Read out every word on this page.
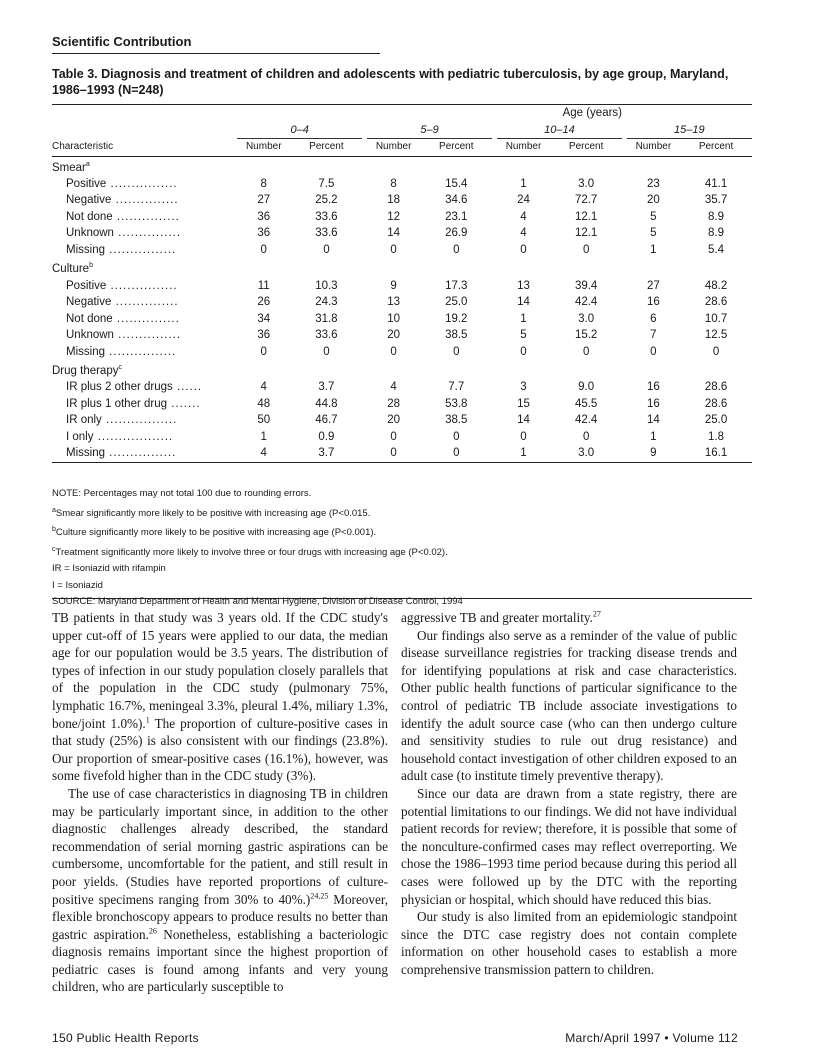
Scientific Contribution
Table 3. Diagnosis and treatment of children and adolescents with pediatric tuberculosis, by age group, Maryland, 1986–1993 (N=248)
Age (years)											
	0–4			5–9			10–14			15–19	
Characteristic	Number	Percent		Number	Percent		Number	Percent		Number	Percent
Smear$^a$
Positive ................	8	7.5		8	15.4		1	3.0		23	41.1
Negative ...............	27	25.2		18	34.6		24	72.7		20	35.7
Not done ...............	36	33.6		12	23.1		4	12.1		5	8.9
Unknown ...............	36	33.6		14	26.9		4	12.1		5	8.9
Missing ................	0	0		0	0		0	0		1	5.4
Culture$^b$
Positive ................	11	10.3		9	17.3		13	39.4		27	48.2
Negative ...............	26	24.3		13	25.0		14	42.4		16	28.6
Not done ...............	34	31.8		10	19.2		1	3.0		6	10.7
Unknown ...............	36	33.6		20	38.5		5	15.2		7	12.5
Missing ................	0	0		0	0		0	0		0	0
Drug therapy$^c$
IR plus 2 other drugs ......	4	3.7		4	7.7		3	9.0		16	28.6
IR plus 1 other drug .......	48	44.8		28	53.8		15	45.5		16	28.6
IR only .................	50	46.7		20	38.5		14	42.4		14	25.0
I only ..................	1	0.9		0	0		0	0		1	1.8
Missing ................	4	3.7		0	0		1	3.0		9	16.1
NOTE: Percentages may not total 100 due to rounding errors.
$^a$Smear significantly more likely to be positive with increasing age (P<0.015.
$^b$Culture significantly more likely to be positive with increasing age (P<0.001).
$^c$Treatment significantly more likely to involve three or four drugs with increasing age (P<0.02).
IR = Isoniazid with rifampin
I = Isoniazid
SOURCE: Maryland Department of Health and Mental Hygiene, Division of Disease Control, 1994

TB patients in that study was 3 years old. If the CDC study's upper cut-off of 15 years were applied to our data, the median age for our population would be 3.5 years. The distribution of types of infection in our study population closely parallels that of the population in the CDC study (pulmonary 75%, lymphatic 16.7%, meningeal 3.3%, pleural 1.4%, miliary 1.3%, bone/joint 1.0%).$^1$ The proportion of culture-positive cases in that study (25%) is also consistent with our findings (23.8%). Our proportion of smear-positive cases (16.1%), however, was some fivefold higher than in the CDC study (3%).

The use of case characteristics in diagnosing TB in children may be particularly important since, in addition to the other diagnostic challenges already described, the standard recommendation of serial morning gastric aspirations can be cumbersome, uncomfortable for the patient, and still result in poor yields. (Studies have reported proportions of culture-positive specimens ranging from 30% to 40%.)$^{24,25}$ Moreover, flexible bronchoscopy appears to produce results no better than gastric aspiration.$^{26}$ Nonetheless, establishing a bacteriologic diagnosis remains important since the highest proportion of pediatric cases is found among infants and very young children, who are particularly susceptible to

aggressive TB and greater mortality.$^{27}$

Our findings also serve as a reminder of the value of public disease surveillance registries for tracking disease trends and for identifying populations at risk and case characteristics. Other public health functions of particular significance to the control of pediatric TB include associate investigations to identify the adult source case (who can then undergo culture and sensitivity studies to rule out drug resistance) and household contact investigation of other children exposed to an adult case (to institute timely preventive therapy).

Since our data are drawn from a state registry, there are potential limitations to our findings. We did not have individual patient records for review; therefore, it is possible that some of the nonculture-confirmed cases may reflect overreporting. We chose the 1986–1993 time period because during this period all cases were followed up by the DTC with the reporting physician or hospital, which should have reduced this bias.

Our study is also limited from an epidemiologic standpoint since the DTC case registry does not contain complete information on other household cases to establish a more comprehensive transmission pattern to children.

150 Public Health Reports	March/April 1997 • Volume 112
